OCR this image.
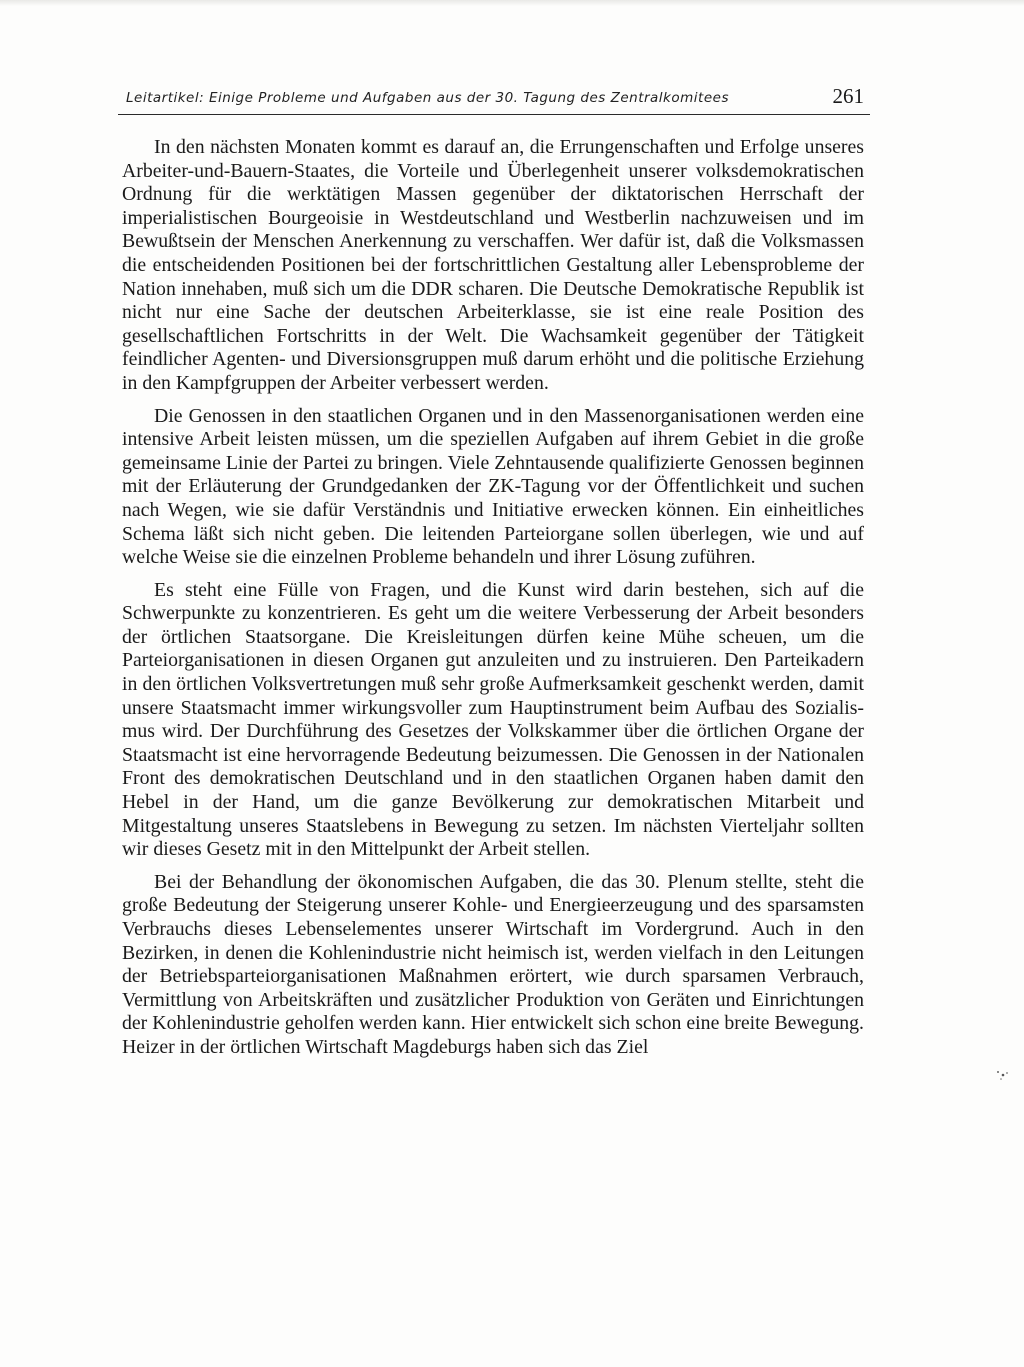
Leitartikel: Einige Probleme und Aufgaben aus der 30. Tagung des Zentralkomitees	261

In den nächsten Monaten kommt es darauf an, die Errungenschaften und Erfolge unseres Arbeiter-und-Bauern-Staates, die Vorteile und Überlegenheit unserer volksdemokratischen Ordnung für die werktätigen Massen gegenüber der diktatorischen Herrschaft der imperialistischen Bourgeoisie in Westdeutschland und Westberlin nachzuweisen und im Bewußtsein der Menschen Anerkennung zu verschaffen. Wer dafür ist, daß die Volksmassen die entscheidenden Positionen bei der fortschrittlichen Gestaltung aller Lebensprobleme der Nation innehaben, muß sich um die DDR scharen. Die Deutsche Demokratische Republik ist nicht nur eine Sache der deutschen Arbeiterklasse, sie ist eine reale Position des gesellschaftlichen Fortschritts in der Welt. Die Wachsamkeit gegenüber der Tätigkeit feindlicher Agenten- und Diversionsgruppen muß darum erhöht und die politische Erziehung in den Kampfgruppen der Arbeiter verbessert werden.

Die Genossen in den staatlichen Organen und in den Massenorganisationen werden eine intensive Arbeit leisten müssen, um die speziellen Aufgaben auf ihrem Gebiet in die große gemeinsame Linie der Partei zu bringen. Viele Zehntausende qualifizierte Genossen beginnen mit der Erläuterung der Grundgedanken der ZK-Tagung vor der Öffentlichkeit und suchen nach Wegen, wie sie dafür Verständnis und Initiative erwecken können. Ein einheitliches Schema läßt sich nicht geben. Die leitenden Parteiorgane sollen überlegen, wie und auf welche Weise sie die einzelnen Probleme behandeln und ihrer Lösung zuführen.

Es steht eine Fülle von Fragen, und die Kunst wird darin bestehen, sich auf die Schwerpunkte zu konzentrieren. Es geht um die weitere Verbesserung der Arbeit besonders der örtlichen Staatsorgane. Die Kreisleitungen dürfen keine Mühe scheuen, um die Parteiorganisationen in diesen Organen gut anzuleiten und zu instruieren. Den Parteikadern in den örtlichen Volksvertretungen muß sehr große Aufmerksamkeit geschenkt werden, damit unsere Staatsmacht immer wirkungsvoller zum Hauptinstrument beim Aufbau des Sozialismus wird. Der Durchführung des Gesetzes der Volkskammer über die örtlichen Organe der Staatsmacht ist eine hervorragende Bedeutung beizumessen. Die Genossen in der Nationalen Front des demokratischen Deutschland und in den staatlichen Organen haben damit den Hebel in der Hand, um die ganze Bevölkerung zur demokratischen Mitarbeit und Mitgestaltung unseres Staatslebens in Bewegung zu setzen. Im nächsten Vierteljahr sollten wir dieses Gesetz mit in den Mittelpunkt der Arbeit stellen.

Bei der Behandlung der ökonomischen Aufgaben, die das 30. Plenum stellte, steht die große Bedeutung der Steigerung unserer Kohle- und Energieerzeugung und des sparsamsten Verbrauchs dieses Lebenselementes unserer Wirtschaft im Vordergrund. Auch in den Bezirken, in denen die Kohlenindustrie nicht heimisch ist, werden vielfach in den Leitungen der Betriebsparteiorganisationen Maßnahmen erörtert, wie durch sparsamen Verbrauch, Vermittlung von Arbeitskräften und zusätzlicher Produktion von Geräten und Einrichtungen der Kohlenindustrie geholfen werden kann. Hier entwickelt sich schon eine breite Bewegung. Heizer in der örtlichen Wirtschaft Magdeburgs haben sich das Ziel
